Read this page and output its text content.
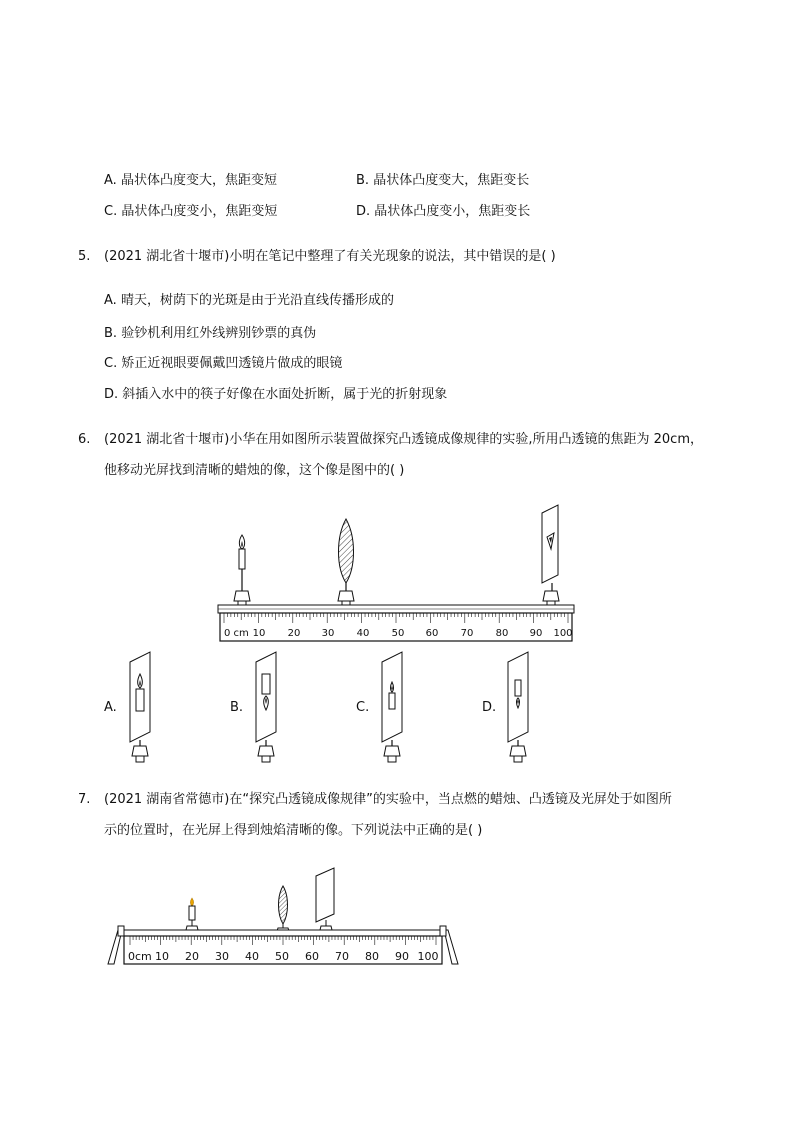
A. 晶状体凸度变大，焦距变短	B. 晶状体凸度变大，焦距变长
C. 晶状体凸度变小，焦距变短	D. 晶状体凸度变小，焦距变长
5. (2021 湖北省十堰市)小明在笔记中整理了有关光现象的说法，其中错误的是( )
A. 晴天，树荫下的光斑是由于光沿直线传播形成的
B. 验钞机利用红外线辨别钞票的真伪
C. 矫正近视眼要佩戴凹透镜片做成的眼镜
D. 斜插入水中的筷子好像在水面处折断，属于光的折射现象
6. (2021 湖北省十堰市)小华在用如图所示装置做探究凸透镜成像规律的实验,所用凸透镜的焦距为 20cm，
他移动光屏找到清晰的蜡烛的像，这个像是图中的( )
0 cm 10 20 30 40 50 60 70 80 90 100
A.	B.	C.	D.
7. (2021 湖南省常德市)在“探究凸透镜成像规律”的实验中，当点燃的蜡烛、凸透镜及光屏处于如图所
示的位置时，在光屏上得到烛焰清晰的像。下列说法中正确的是( )
0cm 10 20 30 40 50 60 70 80 90 100
